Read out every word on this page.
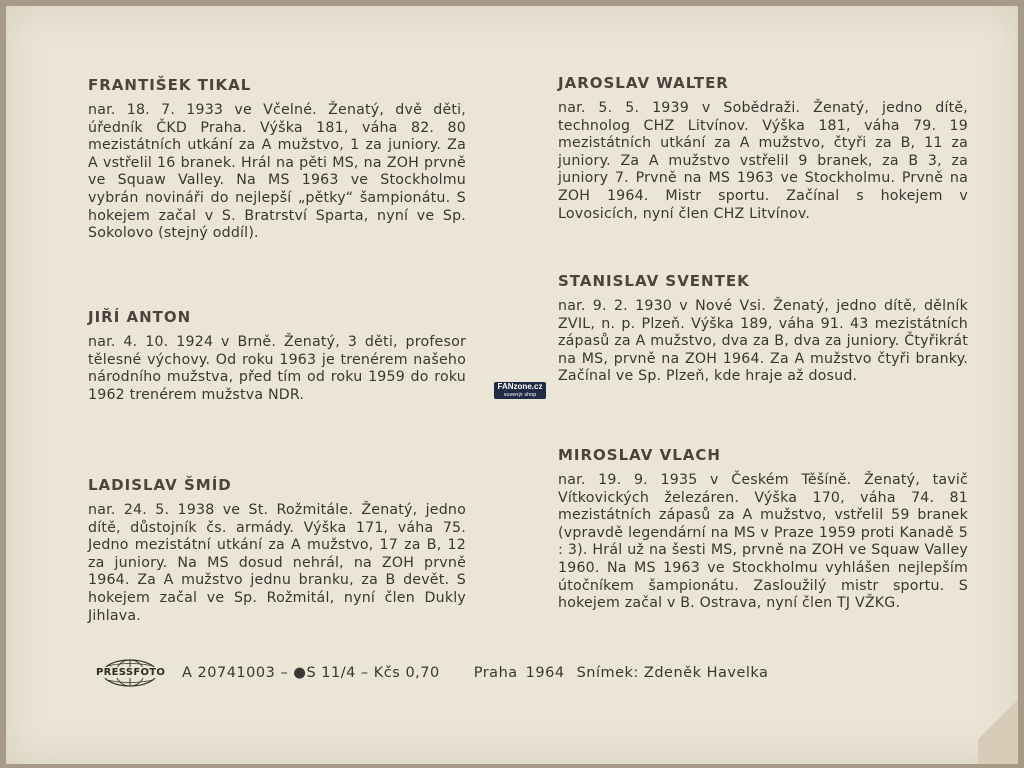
FRANTIŠEK TIKAL

nar. 18. 7. 1933 ve Včelné. Ženatý, dvě děti, úředník ČKD Praha. Výška 181, váha 82. 80 mezistátních utkání za A mužstvo, 1 za juniory. Za A vstřelil 16 branek. Hrál na pěti MS, na ZOH prvně ve Squaw Valley. Na MS 1963 ve Stockholmu vybrán novináři do nejlepší „pětky“ šampionátu. S hokejem začal v S. Bratrství Sparta, nyní ve Sp. Sokolovo (stejný oddíl).

JIŘÍ ANTON

nar. 4. 10. 1924 v Brně. Ženatý, 3 děti, profesor tělesné výchovy. Od roku 1963 je trenérem našeho národního mužstva, před tím od roku 1959 do roku 1962 trenérem mužstva NDR.

LADISLAV ŠMÍD

nar. 24. 5. 1938 ve St. Rožmitále. Ženatý, jedno dítě, důstojník čs. armády. Výška 171, váha 75. Jedno mezistátní utkání za A mužstvo, 17 za B, 12 za juniory. Na MS dosud nehrál, na ZOH prvně 1964. Za A mužstvo jednu branku, za B devět. S hokejem začal ve Sp. Rožmitál, nyní člen Dukly Jihlava.

JAROSLAV WALTER

nar. 5. 5. 1939 v Sobědraži. Ženatý, jedno dítě, technolog CHZ Litvínov. Výška 181, váha 79. 19 mezistátních utkání za A mužstvo, čtyři za B, 11 za juniory. Za A mužstvo vstřelil 9 branek, za B 3, za juniory 7. Prvně na MS 1963 ve Stockholmu. Prvně na ZOH 1964. Mistr sportu. Začínal s hokejem v Lovosicích, nyní člen CHZ Litvínov.

STANISLAV SVENTEK

nar. 9. 2. 1930 v Nové Vsi. Ženatý, jedno dítě, dělník ZVIL, n. p. Plzeň. Výška 189, váha 91. 43 mezistátních zápasů za A mužstvo, dva za B, dva za juniory. Čtyřikrát na MS, prvně na ZOH 1964. Za A mužstvo čtyři branky. Začínal ve Sp. Plzeň, kde hraje až dosud.

MIROSLAV VLACH

nar. 19. 9. 1935 v Českém Těšíně. Ženatý, tavič Vítkovických železáren. Výška 170, váha 74. 81 mezistátních zápasů za A mužstvo, vstřelil 59 branek (vpravdě legendární na MS v Praze 1959 proti Kanadě 5 : 3). Hrál už na šesti MS, prvně na ZOH ve Squaw Valley 1960. Na MS 1963 ve Stockholmu vyhlášen nejlepším útočníkem šampionátu. Zasloužilý mistr sportu. S hokejem začal v B. Ostrava, nyní člen TJ VŽKG.

FANzone.cz
suvenýr shop
PRESSFOTO A 20741003 – ●S 11/4 – Kčs 0,70 Praha 1964 Snímek: Zdeněk Havelka
